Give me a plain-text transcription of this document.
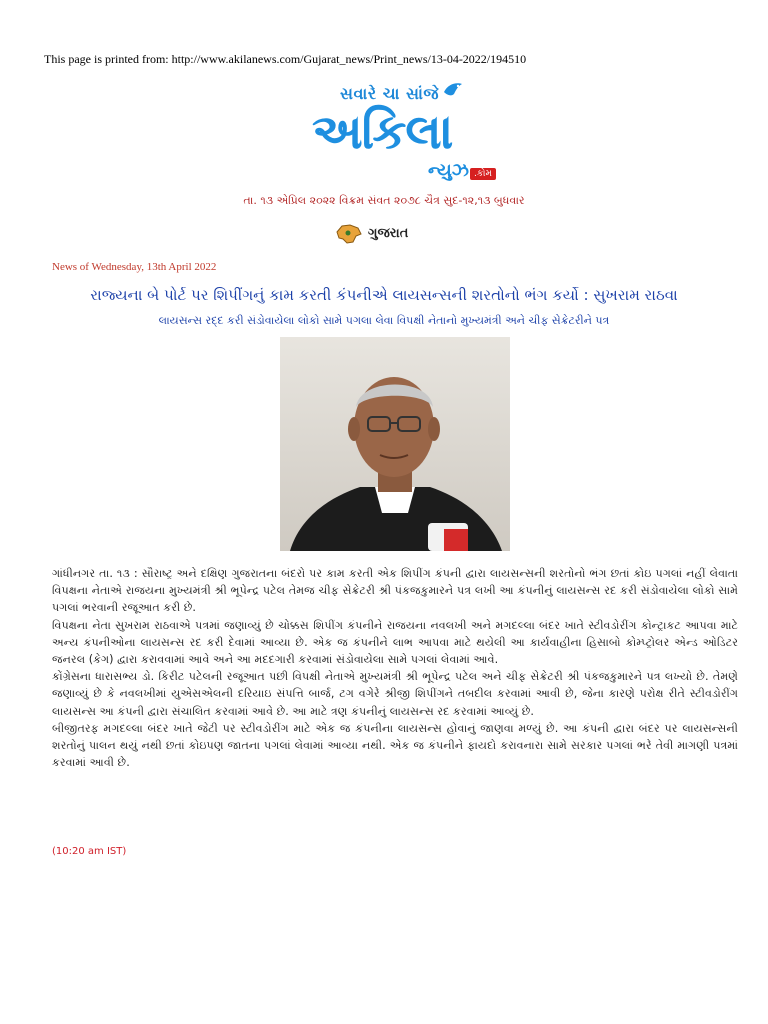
This page is printed from: http://www.akilanews.com/Gujarat_news/Print_news/13-04-2022/194510
સવારે ચા સાંજે
અકિલા
ન્યુઝ .કોમ
તા. ૧૩ એપ્રિલ ૨૦૨૨ વિક્રમ સંવત ૨૦૭૮ ચૈત્ર સુદ-૧૨,૧૩ બુધવાર
ગુજરાત
News of Wednesday, 13th April 2022
રાજ્યના બે પોર્ટ પર શિપીંગનું કામ કરતી કંપનીએ લાયસન્સની શરતોનો ભંગ કર્યો : સુખરામ રાઠવા
લાયસન્સ રદ્દ કરી સંડોવાયેલા લોકો સામે પગલા લેવા વિપક્ષી નેતાનો મુખ્યમંત્રી અને ચીફ સેક્રેટરીને પત્ર

ગાંધીનગર તા. ૧૩ : સૌરાષ્ટ્ર અને દક્ષિણ ગુજરાતના બંદરો પર કામ કરતી એક શિપીંગ કંપની દ્વારા લાયસન્સની શરતોનો ભંગ છતાં કોઇ પગલાં નહીં લેવાતા વિપક્ષના નેતાએ રાજયના મુખ્યમંત્રી શ્રી ભૂપેન્દ્ર પટેલ તેમજ ચીફ સેક્રેટરી શ્રી પંકજકુમારને પત્ર લખી આ કંપનીનું લાયસન્સ રદ કરી સંડોવાયેલા લોકો સામે પગલાં ભરવાની રજૂઆત કરી છે.

વિપક્ષના નેતા સુખરામ રાઠવાએ પત્રમાં જણાવ્યું છે ચોક્કસ શિપીંગ કંપનીને રાજયના નવલખી અને મગદલ્લા બંદર ખાતે સ્ટીવડોરીંગ કોન્ટ્રાકટ આપવા માટે અન્ય કંપનીઓના લાયસન્સ રદ કરી દેવામાં આવ્યા છે. એક જ કંપનીને લાભ આપવા માટે થયેલી આ કાર્યવાહીના હિસાબો કોમ્પ્ટ્રોલર એન્ડ ઓડિટર જનરલ (કેગ) દ્વારા કરાવવામાં આવે અને આ મદદગારી કરવામાં સંડોવાયેલા સામે પગલાં લેવામાં આવે.

કોંગ્રેસના ધારાસભ્ય ડો. કિરીટ પટેલની રજૂઆત પછી વિપક્ષી નેતાએ મુખ્યમંત્રી શ્રી ભૂપેન્દ્ર પટેલ અને ચીફ સેક્રેટરી શ્રી પંકજકુમારને પત્ર લખ્યો છે. તેમણે જણાવ્યું છે કે નવલખીમાં યુએસએલની દરિયાઇ સંપત્તિ બાર્જ, ટગ વગેરે શ્રીજી શિપીંગને તબદીલ કરવામાં આવી છે, જેના કારણે પરોક્ષ રીતે સ્ટીવડોરીંગ લાયસન્સ આ કંપની દ્વારા સંચાલિત કરવામાં આવે છે. આ માટે ત્રણ કંપનીનું લાયસન્સ રદ કરવામાં આવ્યું છે.

બીજીતરફ મગદલ્લા બંદર ખાતે જેટી પર સ્ટીવડોરીંગ માટે એક જ કંપનીના લાયસન્સ હોવાનું જાણવા મળ્યું છે. આ કંપની દ્વારા બંદર પર લાયસન્સની શરતોનું પાલન થયું નથી છતાં કોઇપણ જાતના પગલાં લેવામાં આવ્યા નથી. એક જ કંપનીને ફાયદો કરાવનારા સામે સરકાર પગલાં ભરે તેવી માગણી પત્રમાં કરવામાં આવી છે.

(10:20 am IST)
